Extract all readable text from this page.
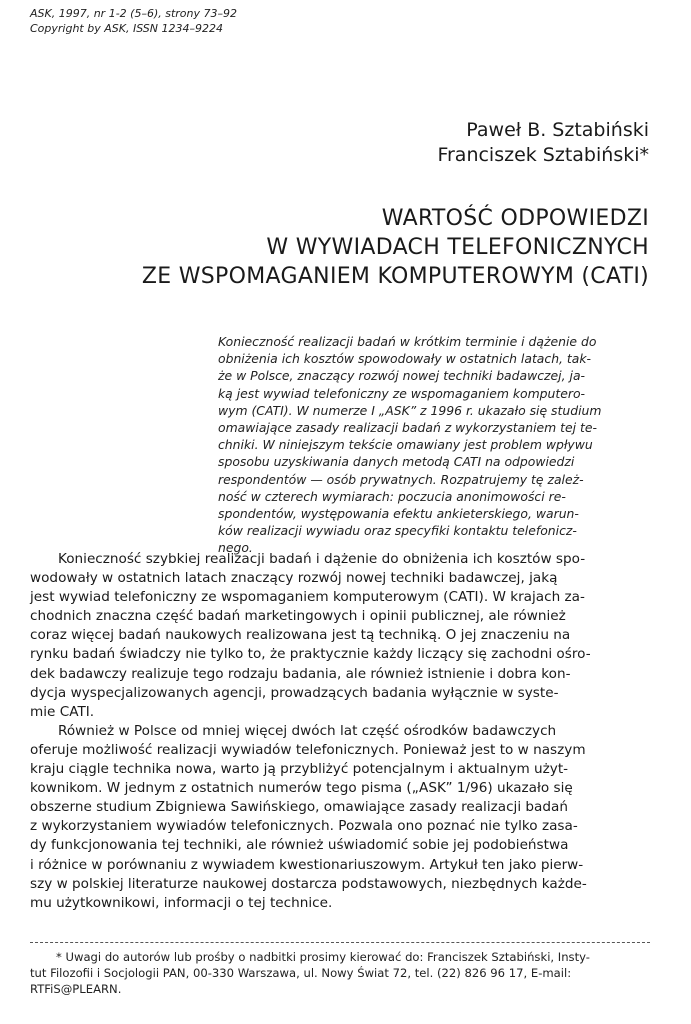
ASK, 1997, nr 1-2 (5–6), strony 73–92
Copyright by ASK, ISSN 1234–9224
Paweł B. Sztabiński
Franciszek Sztabiński*
WARTOŚĆ ODPOWIEDZI
W WYWIADACH TELEFONICZNYCH
ZE WSPOMAGANIEM KOMPUTEROWYM (CATI)
Konieczność realizacji badań w krótkim terminie i dążenie do
obniżenia ich kosztów spowodowały w ostatnich latach, tak-
że w Polsce, znaczący rozwój nowej techniki badawczej, ja-
ką jest wywiad telefoniczny ze wspomaganiem komputero-
wym (CATI). W numerze I „ASK” z 1996 r. ukazało się studium
omawiające zasady realizacji badań z wykorzystaniem tej te-
chniki. W niniejszym tekście omawiany jest problem wpływu
sposobu uzyskiwania danych metodą CATI na odpowiedzi
respondentów — osób prywatnych. Rozpatrujemy tę zależ-
ność w czterech wymiarach: poczucia anonimowości re-
spondentów, występowania efektu ankieterskiego, warun-
ków realizacji wywiadu oraz specyfiki kontaktu telefonicz-
nego.

Konieczność szybkiej realizacji badań i dążenie do obniżenia ich kosztów spo-
wodowały w ostatnich latach znaczący rozwój nowej techniki badawczej, jaką
jest wywiad telefoniczny ze wspomaganiem komputerowym (CATI). W krajach za-
chodnich znaczna część badań marketingowych i opinii publicznej, ale również
coraz więcej badań naukowych realizowana jest tą techniką. O jej znaczeniu na
rynku badań świadczy nie tylko to, że praktycznie każdy liczący się zachodni ośro-
dek badawczy realizuje tego rodzaju badania, ale również istnienie i dobra kon-
dycja wyspecjalizowanych agencji, prowadzących badania wyłącznie w syste-
mie CATI.

Również w Polsce od mniej więcej dwóch lat część ośrodków badawczych
oferuje możliwość realizacji wywiadów telefonicznych. Ponieważ jest to w naszym
kraju ciągle technika nowa, warto ją przybliżyć potencjalnym i aktualnym użyt-
kownikom. W jednym z ostatnich numerów tego pisma („ASK” 1/96) ukazało się
obszerne studium Zbigniewa Sawińskiego, omawiające zasady realizacji badań
z wykorzystaniem wywiadów telefonicznych. Pozwala ono poznać nie tylko zasa-
dy funkcjonowania tej techniki, ale również uświadomić sobie jej podobieństwa
i różnice w porównaniu z wywiadem kwestionariuszowym. Artykuł ten jako pierw-
szy w polskiej literaturze naukowej dostarcza podstawowych, niezbędnych każde-
mu użytkownikowi, informacji o tej technice.

* Uwagi do autorów lub prośby o nadbitki prosimy kierować do: Franciszek Sztabiński, Insty-
tut Filozofii i Socjologii PAN, 00-330 Warszawa, ul. Nowy Świat 72, tel. (22) 826 96 17, E-mail:
RTFiS@PLEARN.
